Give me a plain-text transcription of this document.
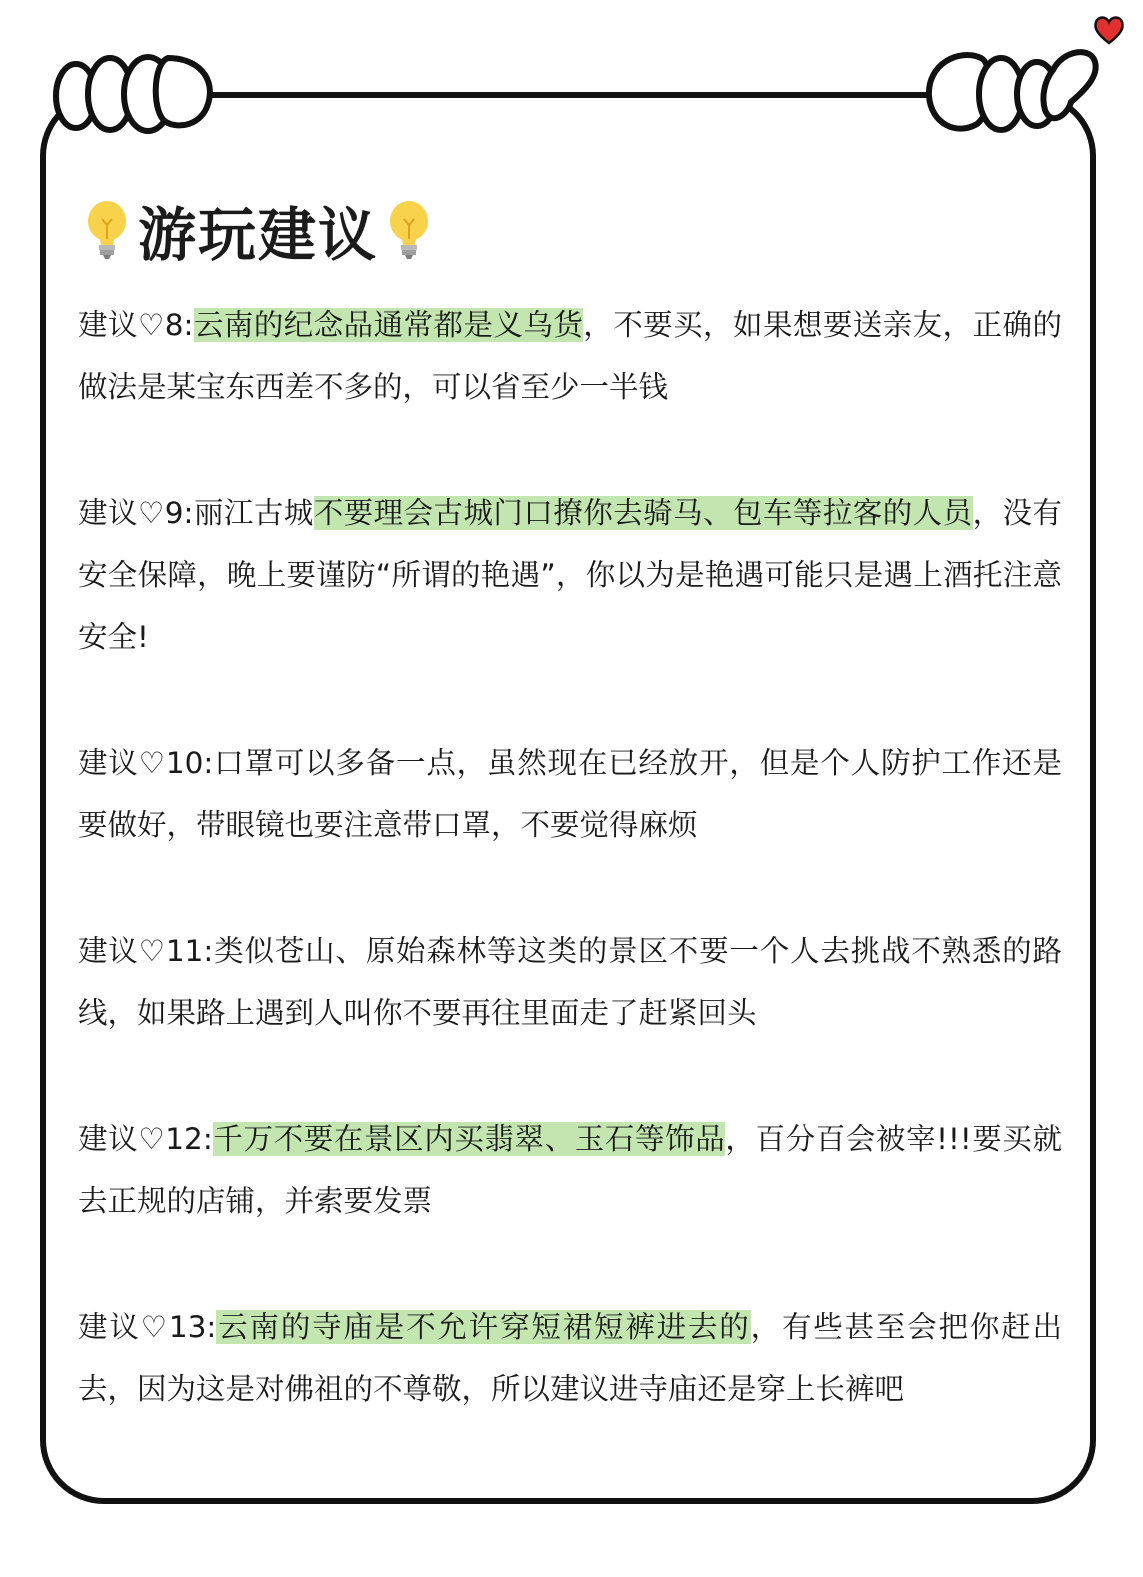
游玩建议

建议♡8:云南的纪念品通常都是义乌货，不要买，如果想要送亲友，正确的做法是某宝东西差不多的，可以省至少一半钱

建议♡9:丽江古城不要理会古城门口撩你去骑马、包车等拉客的人员，没有安全保障，晚上要谨防“所谓的艳遇”，你以为是艳遇可能只是遇上酒托注意安全!

建议♡10:口罩可以多备一点，虽然现在已经放开，但是个人防护工作还是要做好，带眼镜也要注意带口罩，不要觉得麻烦

建议♡11:类似苍山、原始森林等这类的景区不要一个人去挑战不熟悉的路线，如果路上遇到人叫你不要再往里面走了赶紧回头

建议♡12:千万不要在景区内买翡翠、玉石等饰品，百分百会被宰!!!要买就去正规的店铺，并索要发票

建议♡13:云南的寺庙是不允许穿短裙短裤进去的，有些甚至会把你赶出去，因为这是对佛祖的不尊敬，所以建议进寺庙还是穿上长裤吧
